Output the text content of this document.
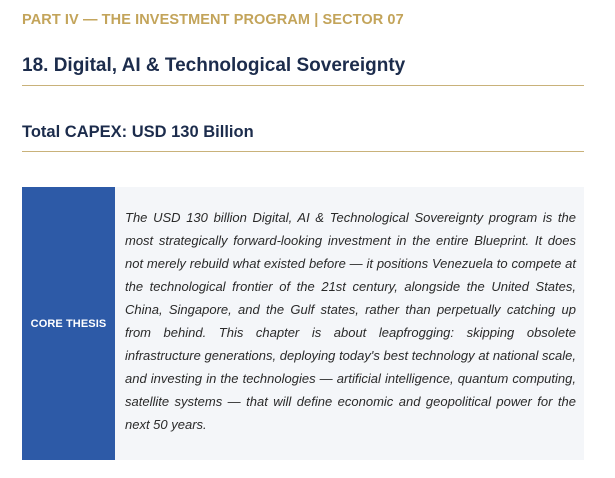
PART IV — THE INVESTMENT PROGRAM | SECTOR 07
18. Digital, AI & Technological Sovereignty
Total CAPEX: USD 130 Billion
CORE THESIS

The USD 130 billion Digital, AI & Technological Sovereignty program is the most strategically forward-looking investment in the entire Blueprint. It does not merely rebuild what existed before — it positions Venezuela to compete at the technological frontier of the 21st century, alongside the United States, China, Singapore, and the Gulf states, rather than perpetually catching up from behind. This chapter is about leapfrogging: skipping obsolete infrastructure generations, deploying today's best technology at national scale, and investing in the technologies — artificial intelligence, quantum computing, satellite systems — that will define economic and geopolitical power for the next 50 years.
